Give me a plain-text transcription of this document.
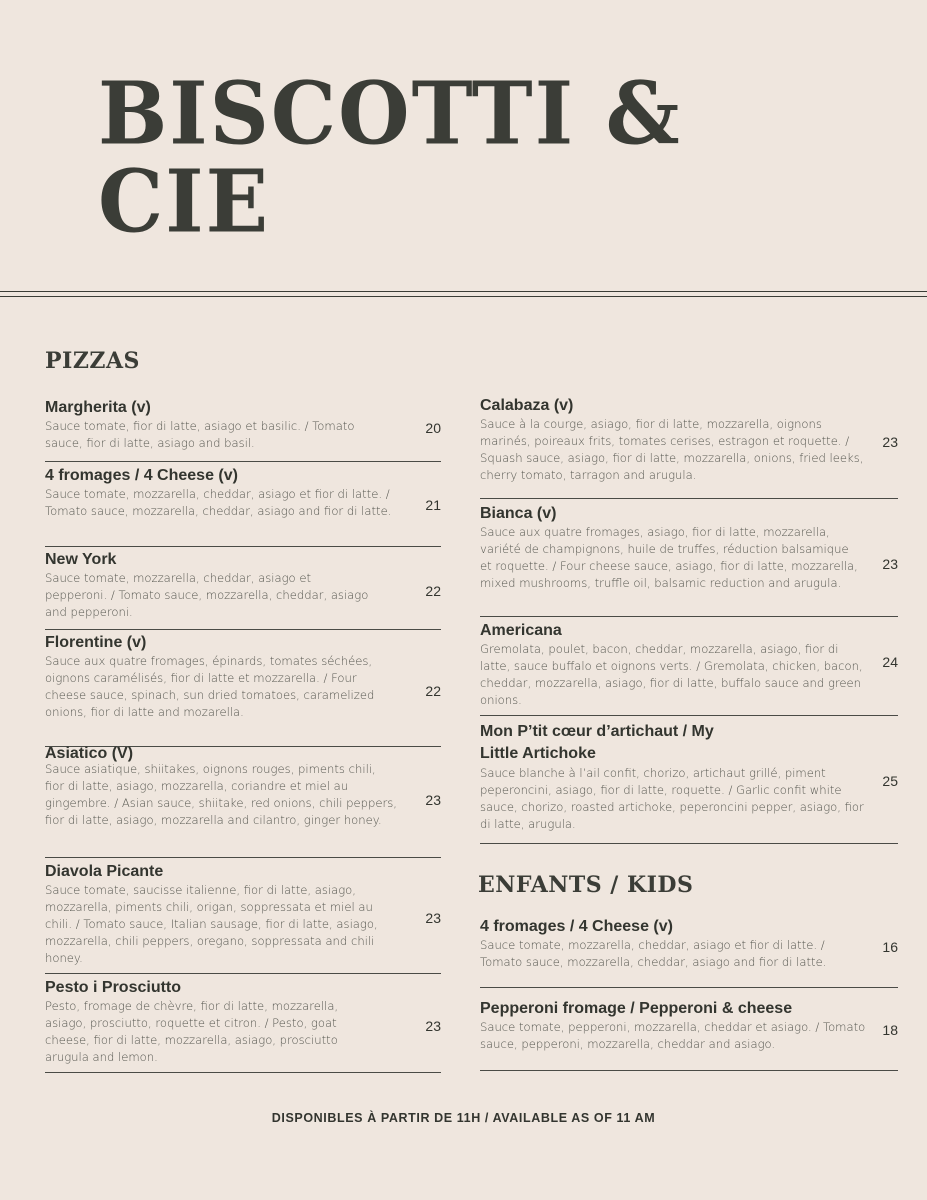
BISCOTTI & CIE
PIZZAS

Margherita (v)

Sauce tomate, fior di latte, asiago et basilic. / Tomato sauce, fior di latte, asiago and basil.

20

4 fromages / 4 Cheese (v)

Sauce tomate, mozzarella, cheddar, asiago et fior di latte. / Tomato sauce, mozzarella, cheddar, asiago and fior di latte.	21

New York

Sauce tomate, mozzarella, cheddar, asiago et pepperoni. / Tomato sauce, mozzarella, cheddar, asiago and pepperoni.

22

Florentine (v)

Sauce aux quatre fromages, épinards, tomates séchées, oignons caramélisés, fior di latte et mozzarella. / Four cheese sauce, spinach, sun dried tomatoes, caramelized onions, fior di latte and mozarella.

22

Asiatico (V)

Sauce asiatique, shiitakes, oignons rouges, piments chili, fior di latte, asiago, mozzarella, coriandre et miel au gingembre. / Asian sauce, shiitake, red onions, chili peppers, fior di latte, asiago, mozzarella and cilantro, ginger honey.

23

Diavola Picante

Sauce tomate, saucisse italienne, fior di latte, asiago, mozzarella, piments chili, origan, soppressata et miel au chili. / Tomato sauce, Italian sausage, fior di latte, asiago, mozzarella, chili peppers, oregano, soppressata and chili honey.

23

Pesto i Prosciutto

Pesto, fromage de chèvre, fior di latte, mozzarella, asiago, prosciutto, roquette et citron. / Pesto, goat cheese, fior di latte, mozzarella, asiago, prosciutto arugula and lemon.

23

Calabaza (v)

Sauce à la courge, asiago, fior di latte, mozzarella, oignons marinés, poireaux frits, tomates cerises, estragon et roquette. / Squash sauce, asiago, fior di latte, mozzarella, onions, fried leeks, cherry tomato, tarragon and arugula.

23

Bianca (v)

Sauce aux quatre fromages, asiago, fior di latte, mozzarella, variété de champignons, huile de truffes, réduction balsamique et roquette. / Four cheese sauce, asiago, fior di latte, mozzarella, mixed mushrooms, truffle oil, balsamic reduction and arugula.

23

Americana

Gremolata, poulet, bacon, cheddar, mozzarella, asiago, fior di latte, sauce buffalo et oignons verts. / Gremolata, chicken, bacon, cheddar, mozzarella, asiago, fior di latte, buffalo sauce and green onions.

24

Mon P’tit cœur d’artichaut / My Little Artichoke

Sauce blanche à l’ail confit, chorizo, artichaut grillé, piment peperoncini, asiago, fior di latte, roquette. / Garlic confit white sauce, chorizo, roasted artichoke, peperoncini pepper, asiago, fior di latte, arugula.

25
ENFANTS / KIDS

4 fromages / 4 Cheese (v)

Sauce tomate, mozzarella, cheddar, asiago et fior di latte. / Tomato sauce, mozzarella, cheddar, asiago and fior di latte.

16

Pepperoni fromage / Pepperoni & cheese

Sauce tomate, pepperoni, mozzarella, cheddar et asiago. / Tomato sauce, pepperoni, mozzarella, cheddar and asiago.

18
DISPONIBLES À PARTIR DE 11H / AVAILABLE AS OF 11 AM
